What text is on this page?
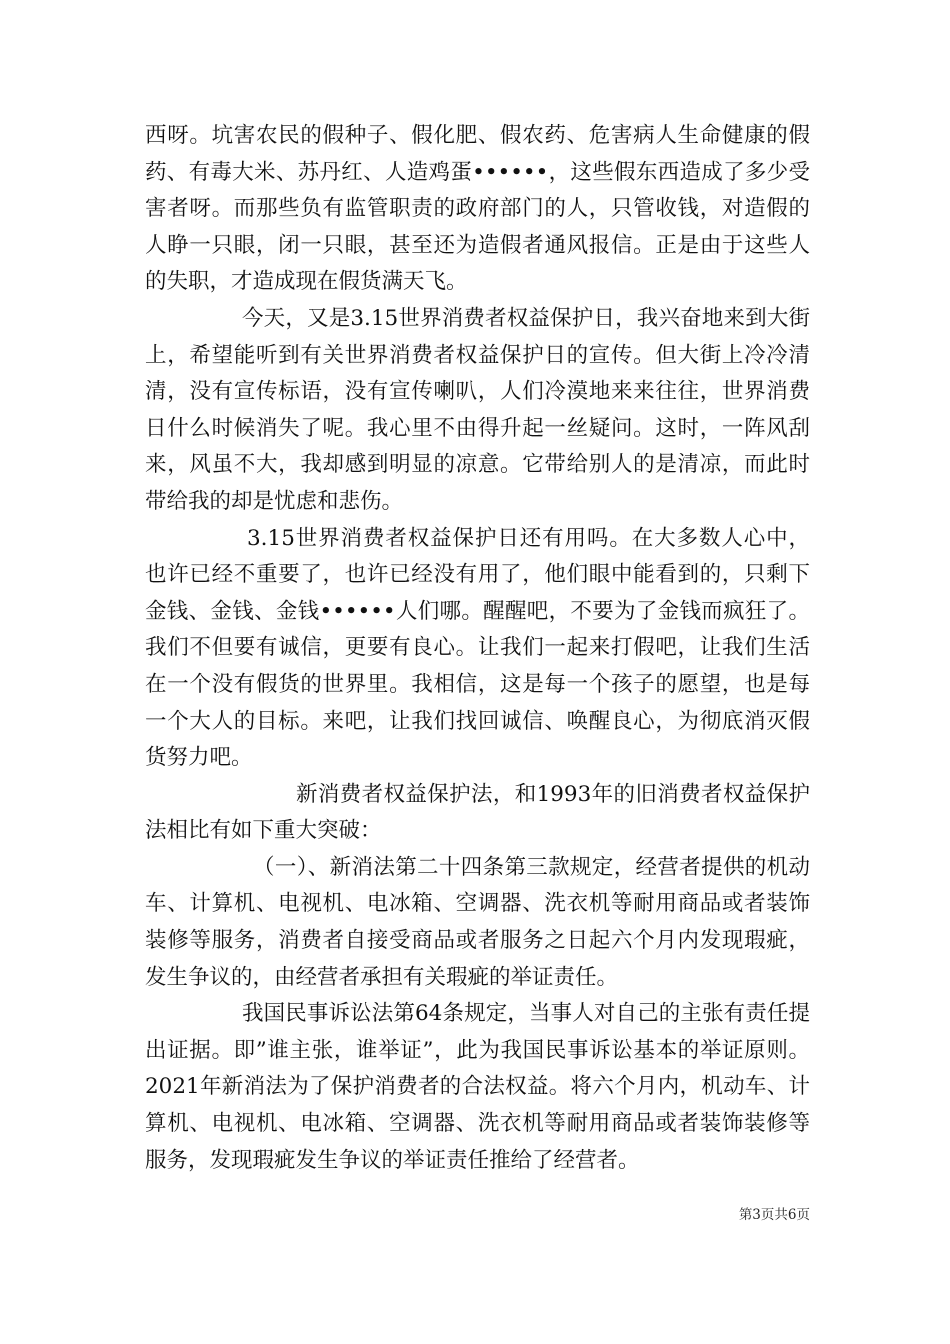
西呀。坑害农民的假种子、假化肥、假农药、危害病人生命健康的假药、有毒大米、苏丹红、人造鸡蛋••••••，这些假东西造成了多少受害者呀。而那些负有监管职责的政府部门的人，只管收钱，对造假的人睁一只眼，闭一只眼，甚至还为造假者通风报信。正是由于这些人的失职，才造成现在假货满天飞。

今天，又是3.15世界消费者权益保护日，我兴奋地来到大街上，希望能听到有关世界消费者权益保护日的宣传。但大街上冷冷清清，没有宣传标语，没有宣传喇叭，人们冷漠地来来往往，世界消费日什么时候消失了呢。我心里不由得升起一丝疑问。这时，一阵风刮来，风虽不大，我却感到明显的凉意。它带给别人的是清凉，而此时带给我的却是忧虑和悲伤。

3.15世界消费者权益保护日还有用吗。在大多数人心中，也许已经不重要了，也许已经没有用了，他们眼中能看到的，只剩下金钱、金钱、金钱••••••人们哪。醒醒吧，不要为了金钱而疯狂了。我们不但要有诚信，更要有良心。让我们一起来打假吧，让我们生活在一个没有假货的世界里。我相信，这是每一个孩子的愿望，也是每一个大人的目标。来吧，让我们找回诚信、唤醒良心，为彻底消灭假货努力吧。

新消费者权益保护法，和1993年的旧消费者权益保护法相比有如下重大突破：

（一）、新消法第二十四条第三款规定，经营者提供的机动车、计算机、电视机、电冰箱、空调器、洗衣机等耐用商品或者装饰装修等服务，消费者自接受商品或者服务之日起六个月内发现瑕疵，发生争议的，由经营者承担有关瑕疵的举证责任。

我国民事诉讼法第64条规定，当事人对自己的主张有责任提出证据。即”谁主张，谁举证”，此为我国民事诉讼基本的举证原则。2021年新消法为了保护消费者的合法权益。将六个月内，机动车、计算机、电视机、电冰箱、空调器、洗衣机等耐用商品或者装饰装修等服务，发现瑕疵发生争议的举证责任推给了经营者。

第3页共6页
